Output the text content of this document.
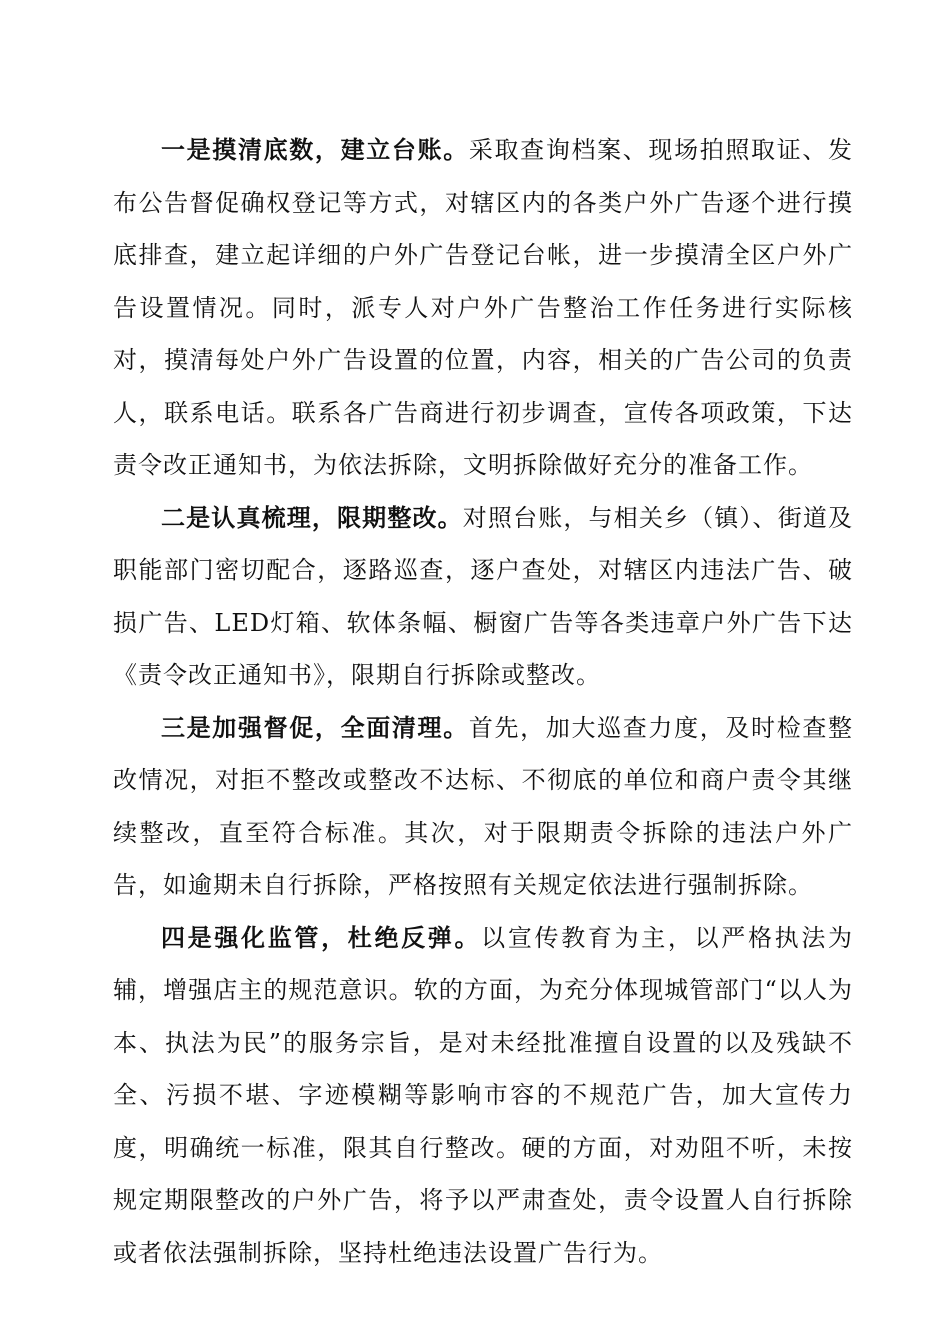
一是摸清底数，建立台账。采取查询档案、现场拍照取证、发布公告督促确权登记等方式，对辖区内的各类户外广告逐个进行摸底排查，建立起详细的户外广告登记台帐，进一步摸清全区户外广告设置情况。同时，派专人对户外广告整治工作任务进行实际核对，摸清每处户外广告设置的位置，内容，相关的广告公司的负责人，联系电话。联系各广告商进行初步调查，宣传各项政策，下达责令改正通知书，为依法拆除，文明拆除做好充分的准备工作。

二是认真梳理，限期整改。对照台账，与相关乡（镇）、街道及职能部门密切配合，逐路巡查，逐户查处，对辖区内违法广告、破损广告、LED灯箱、软体条幅、橱窗广告等各类违章户外广告下达《责令改正通知书》，限期自行拆除或整改。

三是加强督促，全面清理。首先，加大巡查力度，及时检查整改情况，对拒不整改或整改不达标、不彻底的单位和商户责令其继续整改，直至符合标准。其次，对于限期责令拆除的违法户外广告，如逾期未自行拆除，严格按照有关规定依法进行强制拆除。

四是强化监管，杜绝反弹。以宣传教育为主，以严格执法为辅，增强店主的规范意识。软的方面，为充分体现城管部门“以人为本、执法为民”的服务宗旨，是对未经批准擅自设置的以及残缺不全、污损不堪、字迹模糊等影响市容的不规范广告，加大宣传力度，明确统一标准，限其自行整改。硬的方面，对劝阻不听，未按规定期限整改的户外广告，将予以严肃查处，责令设置人自行拆除或者依法强制拆除，坚持杜绝违法设置广告行为。
